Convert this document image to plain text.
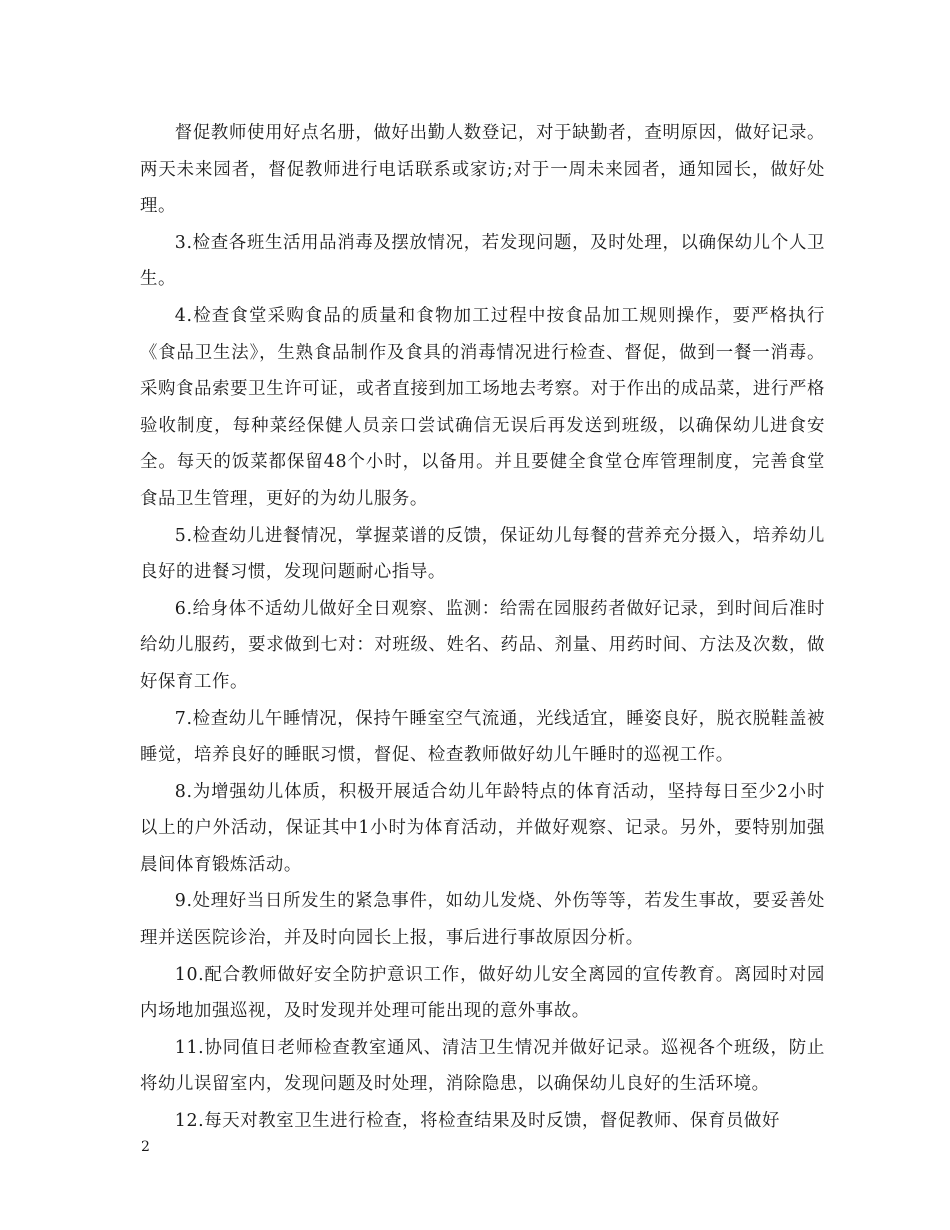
督促教师使用好点名册，做好出勤人数登记，对于缺勤者，查明原因，做好记录。两天未来园者，督促教师进行电话联系或家访;对于一周未来园者，通知园长，做好处理。

3.检查各班生活用品消毒及摆放情况，若发现问题，及时处理，以确保幼儿个人卫生。

4.检查食堂采购食品的质量和食物加工过程中按食品加工规则操作，要严格执行《食品卫生法》，生熟食品制作及食具的消毒情况进行检查、督促，做到一餐一消毒。采购食品索要卫生许可证，或者直接到加工场地去考察。对于作出的成品菜，进行严格验收制度，每种菜经保健人员亲口尝试确信无误后再发送到班级，以确保幼儿进食安全。每天的饭菜都保留48个小时，以备用。并且要健全食堂仓库管理制度，完善食堂食品卫生管理，更好的为幼儿服务。

5.检查幼儿进餐情况，掌握菜谱的反馈，保证幼儿每餐的营养充分摄入，培养幼儿良好的进餐习惯，发现问题耐心指导。

6.给身体不适幼儿做好全日观察、监测：给需在园服药者做好记录，到时间后准时给幼儿服药，要求做到七对：对班级、姓名、药品、剂量、用药时间、方法及次数，做好保育工作。

7.检查幼儿午睡情况，保持午睡室空气流通，光线适宜，睡姿良好，脱衣脱鞋盖被睡觉，培养良好的睡眠习惯，督促、检查教师做好幼儿午睡时的巡视工作。

8.为增强幼儿体质，积极开展适合幼儿年龄特点的体育活动，坚持每日至少2小时以上的户外活动，保证其中1小时为体育活动，并做好观察、记录。另外，要特别加强晨间体育锻炼活动。

9.处理好当日所发生的紧急事件，如幼儿发烧、外伤等等，若发生事故，要妥善处理并送医院诊治，并及时向园长上报，事后进行事故原因分析。

10.配合教师做好安全防护意识工作，做好幼儿安全离园的宣传教育。离园时对园内场地加强巡视，及时发现并处理可能出现的意外事故。

11.协同值日老师检查教室通风、清洁卫生情况并做好记录。巡视各个班级，防止将幼儿误留室内，发现问题及时处理，消除隐患，以确保幼儿良好的生活环境。

12.每天对教室卫生进行检查，将检查结果及时反馈，督促教师、保育员做好

2
